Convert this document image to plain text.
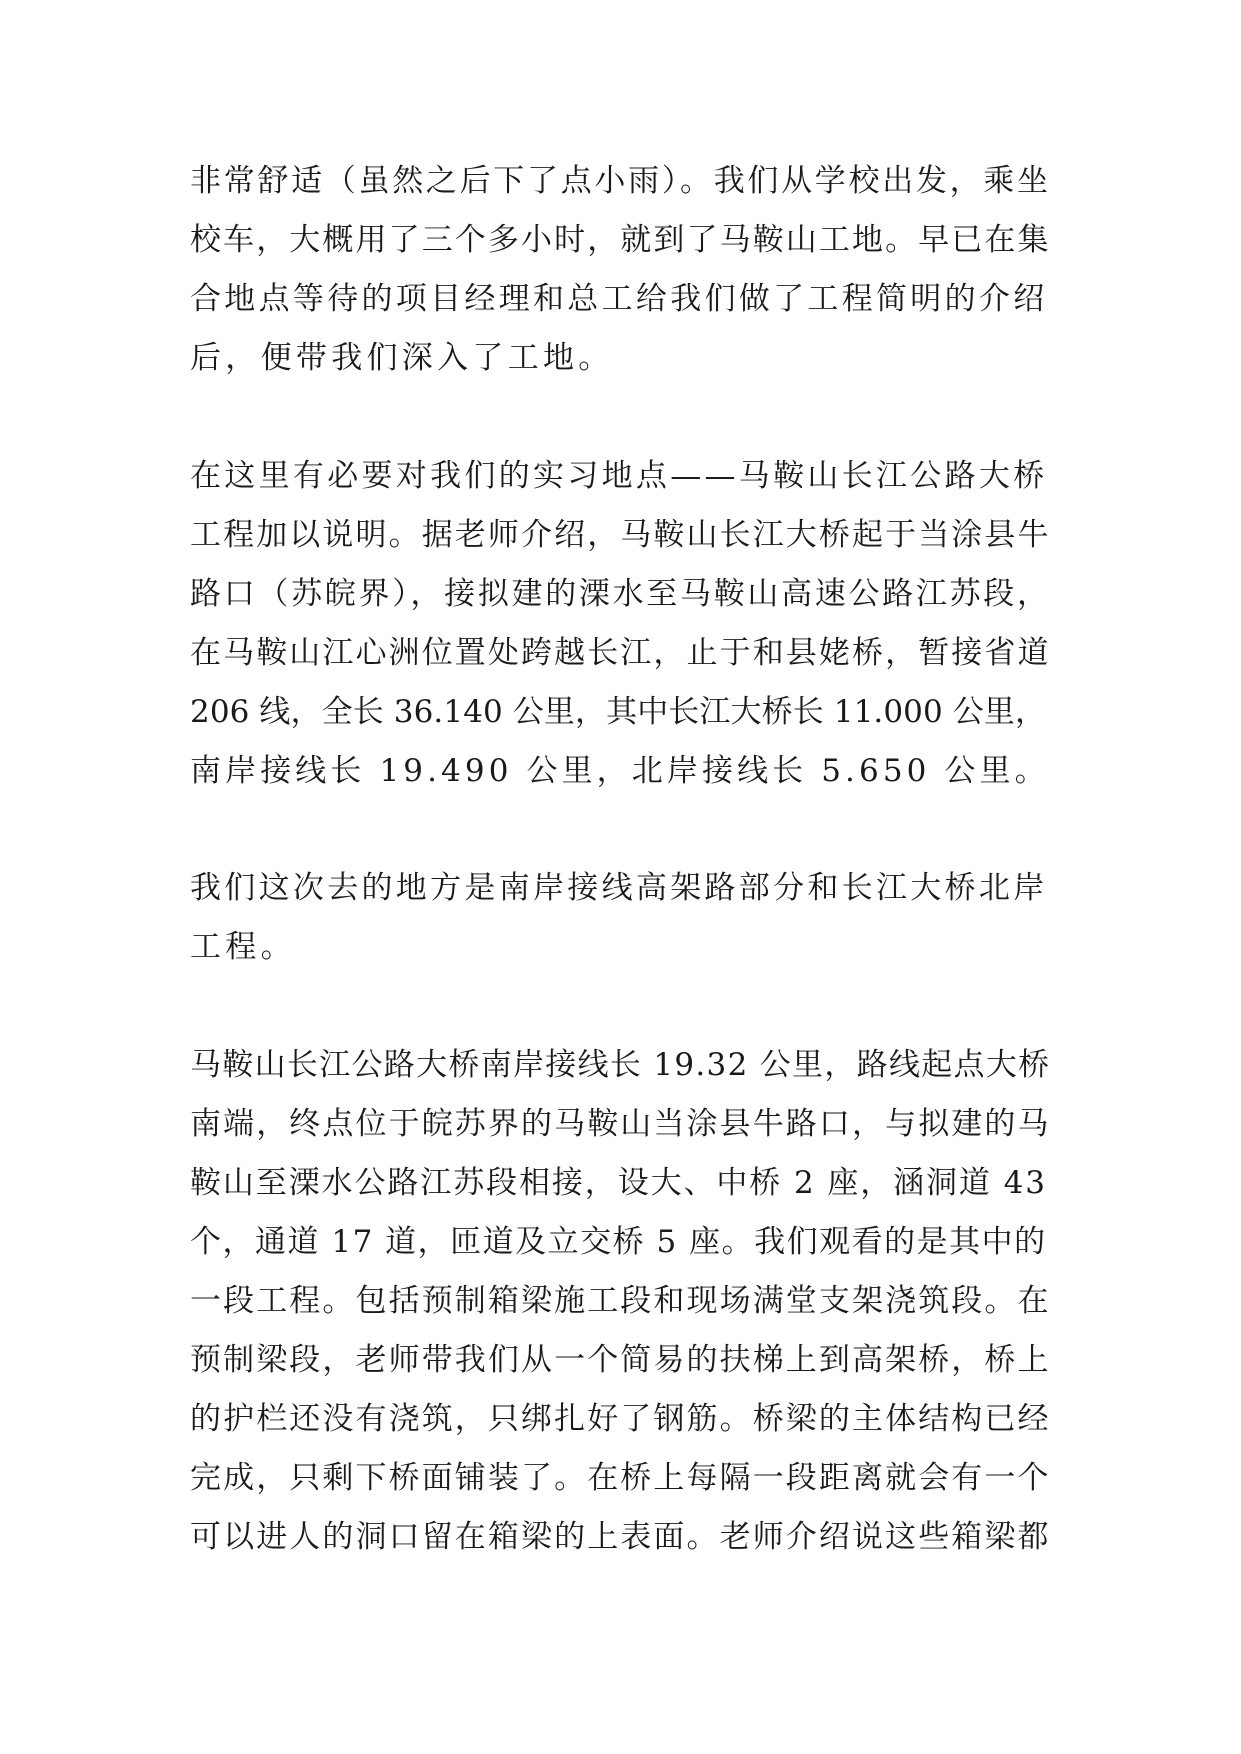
非常舒适（虽然之后下了点小雨）。我们从学校出发，乘坐
校车，大概用了三个多小时，就到了马鞍山工地。早已在集
合地点等待的项目经理和总工给我们做了工程简明的介绍
后，便带我们深入了工地。
在这里有必要对我们的实习地点——马鞍山长江公路大桥
工程加以说明。据老师介绍，马鞍山长江大桥起于当涂县牛
路口（苏皖界），接拟建的溧水至马鞍山高速公路江苏段，
在马鞍山江心洲位置处跨越长江，止于和县姥桥，暂接省道
206 线，全长 36.140 公里，其中长江大桥长 11.000 公里，
南岸接线长 19.490 公里，北岸接线长 5.650 公里。
我们这次去的地方是南岸接线高架路部分和长江大桥北岸
工程。
马鞍山长江公路大桥南岸接线长 19.32 公里，路线起点大桥
南端，终点位于皖苏界的马鞍山当涂县牛路口，与拟建的马
鞍山至溧水公路江苏段相接，设大、中桥 2 座，涵洞道 43
个，通道 17 道，匝道及立交桥 5 座。我们观看的是其中的
一段工程。包括预制箱梁施工段和现场满堂支架浇筑段。在
预制梁段，老师带我们从一个简易的扶梯上到高架桥，桥上
的护栏还没有浇筑，只绑扎好了钢筋。桥梁的主体结构已经
完成，只剩下桥面铺装了。在桥上每隔一段距离就会有一个
可以进人的洞口留在箱梁的上表面。老师介绍说这些箱梁都
